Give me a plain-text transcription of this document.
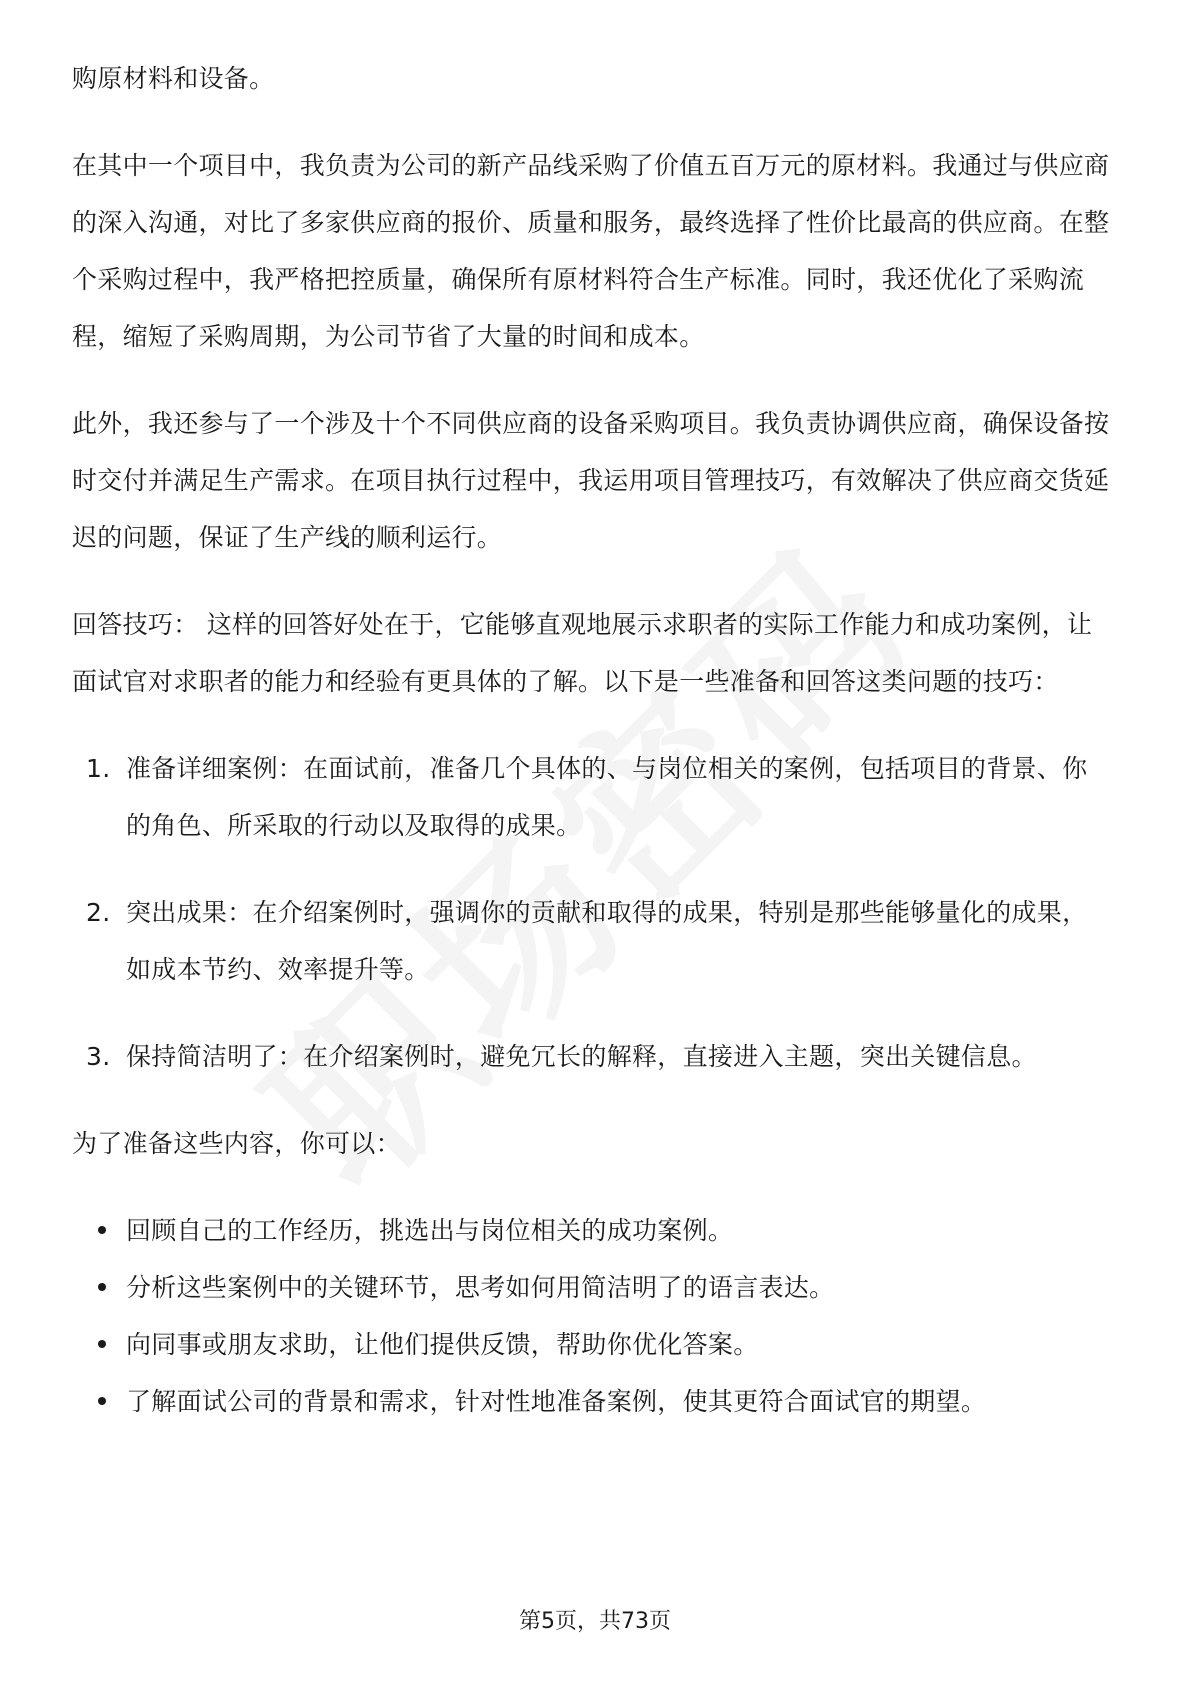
购原材料和设备。

在其中一个项目中，我负责为公司的新产品线采购了价值五百万元的原材料。我通过与供应商的深入沟通，对比了多家供应商的报价、质量和服务，最终选择了性价比最高的供应商。在整个采购过程中，我严格把控质量，确保所有原材料符合生产标准。同时，我还优化了采购流程，缩短了采购周期，为公司节省了大量的时间和成本。

此外，我还参与了一个涉及十个不同供应商的设备采购项目。我负责协调供应商，确保设备按时交付并满足生产需求。在项目执行过程中，我运用项目管理技巧，有效解决了供应商交货延迟的问题，保证了生产线的顺利运行。

回答技巧： 这样的回答好处在于，它能够直观地展示求职者的实际工作能力和成功案例，让面试官对求职者的能力和经验有更具体的了解。以下是一些准备和回答这类问题的技巧：

1. 准备详细案例：在面试前，准备几个具体的、与岗位相关的案例，包括项目的背景、你的角色、所采取的行动以及取得的成果。
2. 突出成果：在介绍案例时，强调你的贡献和取得的成果，特别是那些能够量化的成果，如成本节约、效率提升等。
3. 保持简洁明了：在介绍案例时，避免冗长的解释，直接进入主题，突出关键信息。

为了准备这些内容，你可以：

回顾自己的工作经历，挑选出与岗位相关的成功案例。
分析这些案例中的关键环节，思考如何用简洁明了的语言表达。
向同事或朋友求助，让他们提供反馈，帮助你优化答案。
了解面试公司的背景和需求，针对性地准备案例，使其更符合面试官的期望。
第5页，共73页
